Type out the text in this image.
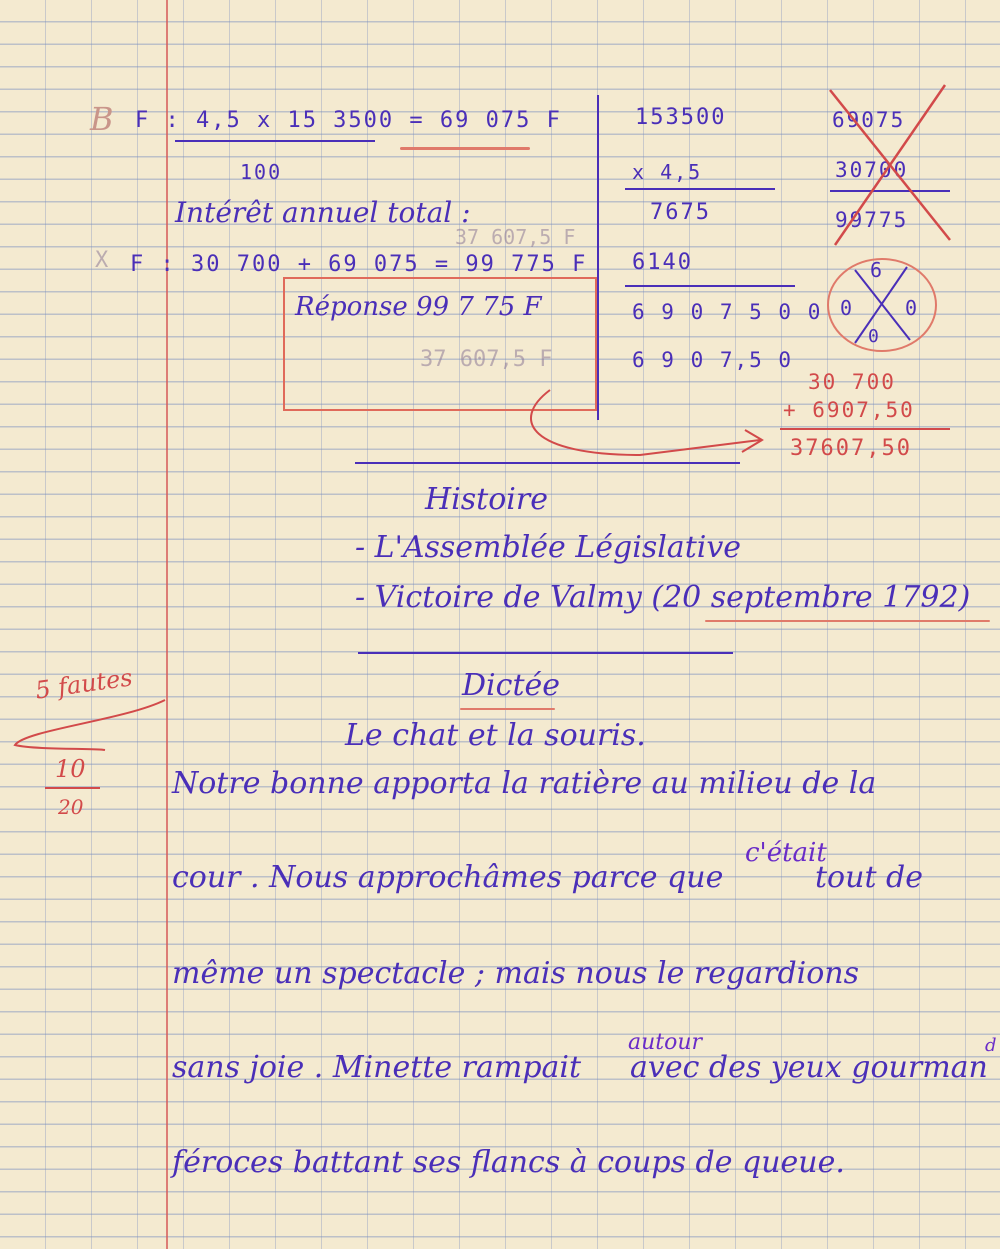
B F : 4,5 x 15 3500 = 69 075 F
100
Intérêt annuel total :
X F : 30 700 + 69 075 = 99 775 F
37 607,5 F
Réponse 99 7 75 F
37 607,5 F
153500
x 4,5
7675
6140
6 9 0 7 5 0 0
6 9 0 7,5 0
69075
30700
99775
6
0	0
0
30 700
+ 6907,50
37607,50
Histoire
- L'Assemblée Législative
- Victoire de Valmy (20 septembre 1792)
5 fautes
10
20
Dictée
Le chat et la souris.
Notre bonne apporta la ratière au milieu de la
cour . Nous approchâmes parce que
c'était
tout de
même un spectacle ; mais nous le regardions
sans joie . Minette rampait
autour
avec des yeux gourman
d
féroces battant ses flancs à coups de queue.
